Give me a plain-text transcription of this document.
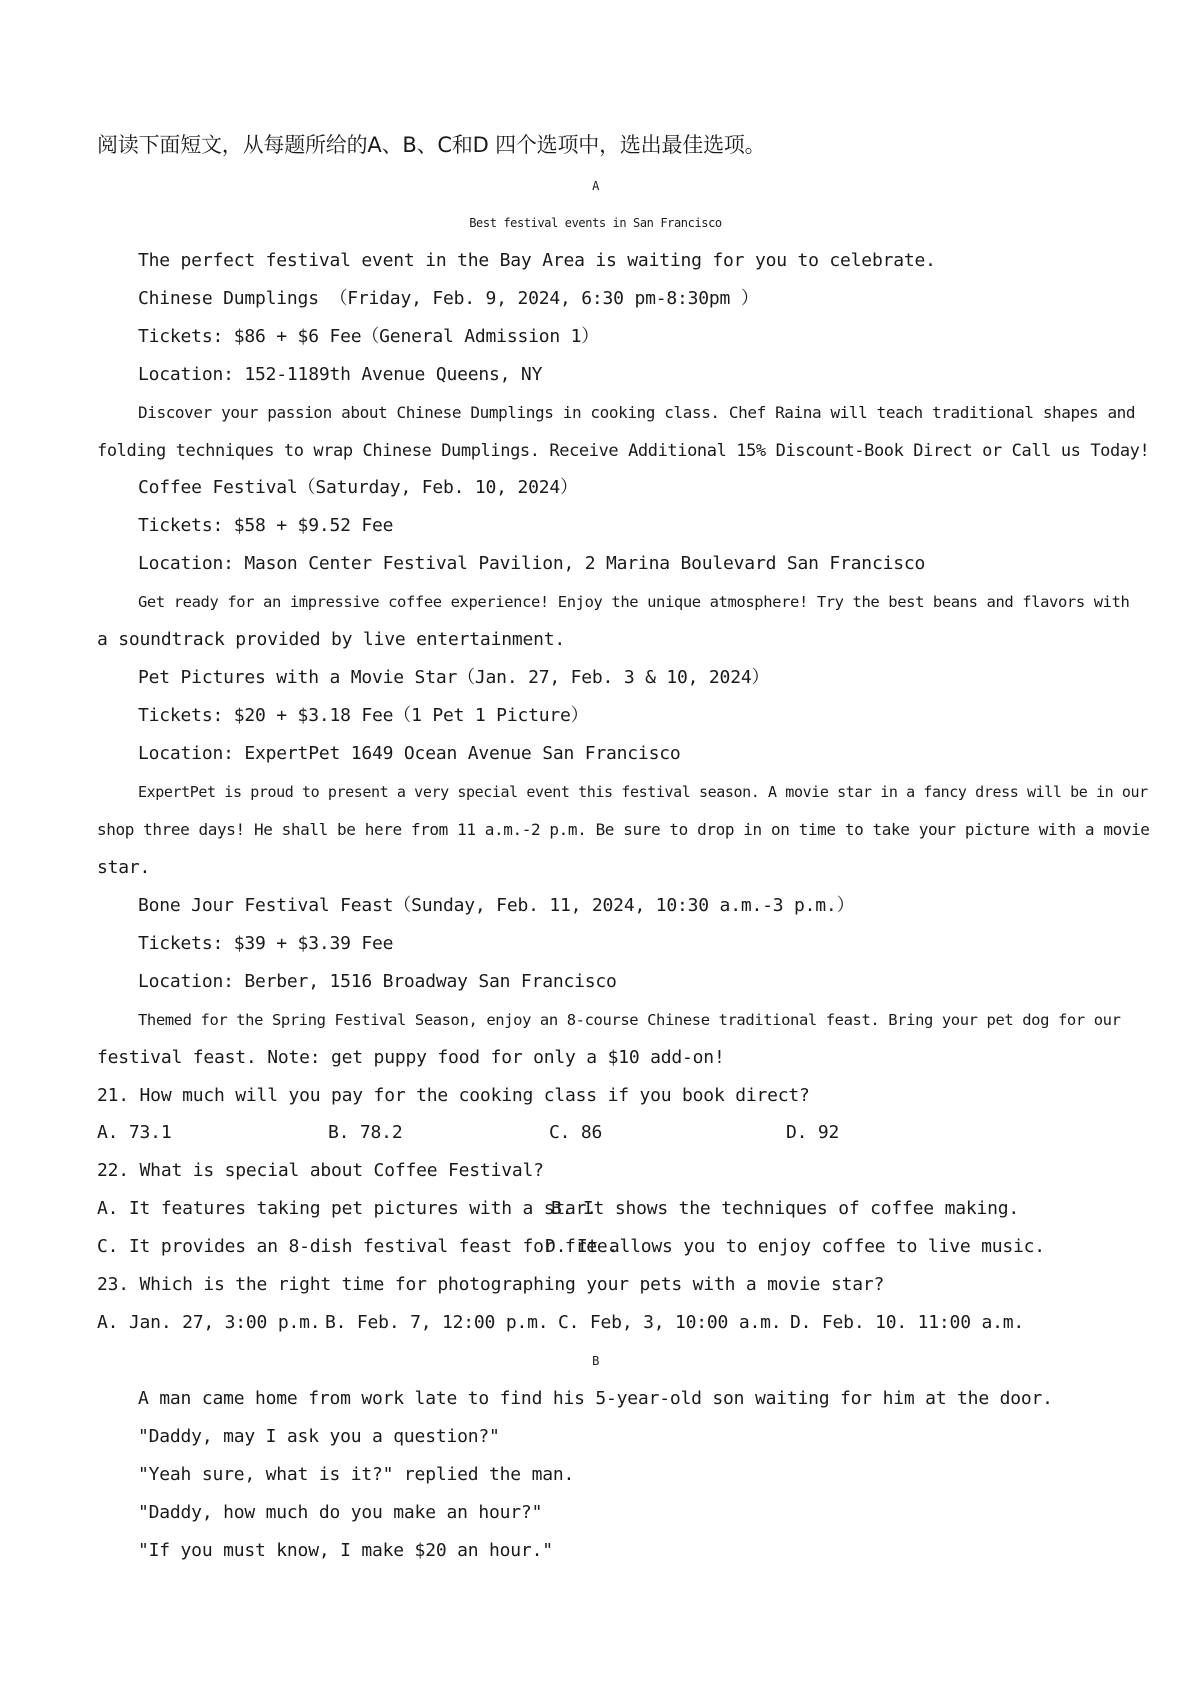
阅读下面短文，从每题所给的A、B、C和D 四个选项中，选出最佳选项。

A

Best festival events in San Francisco

The perfect festival event in the Bay Area is waiting for you to celebrate.

Chinese Dumplings （Friday, Feb. 9, 2024, 6:30 pm-8:30pm ）

Tickets: $86 + $6 Fee（General Admission 1）

Location: 152-1189th Avenue Queens, NY

Discover your passion about Chinese Dumplings in cooking class. Chef Raina will teach traditional shapes and

folding techniques to wrap Chinese Dumplings. Receive Additional 15% Discount-Book Direct or Call us Today!

Coffee Festival（Saturday, Feb. 10, 2024）

Tickets: $58 + $9.52 Fee

Location: Mason Center Festival Pavilion, 2 Marina Boulevard San Francisco

Get ready for an impressive coffee experience! Enjoy the unique atmosphere! Try the best beans and flavors with

a soundtrack provided by live entertainment.

Pet Pictures with a Movie Star（Jan. 27, Feb. 3 & 10, 2024）

Tickets: $20 + $3.18 Fee（1 Pet 1 Picture）

Location: ExpertPet 1649 Ocean Avenue San Francisco

ExpertPet is proud to present a very special event this festival season. A movie star in a fancy dress will be in our

shop three days! He shall be here from 11 a.m.-2 p.m. Be sure to drop in on time to take your picture with a movie

star.

Bone Jour Festival Feast（Sunday, Feb. 11, 2024, 10:30 a.m.-3 p.m.）

Tickets: $39 + $3.39 Fee

Location: Berber, 1516 Broadway San Francisco

Themed for the Spring Festival Season, enjoy an 8-course Chinese traditional feast. Bring your pet dog for our

festival feast. Note: get puppy food for only a $10 add-on!

21. How much will you pay for the cooking class if you book direct?

A. 73.1	B. 78.2	C. 86	D. 92

22. What is special about Coffee Festival?

A. It features taking pet pictures with a star.

B. It shows the techniques of coffee making.

C. It provides an 8-dish festival feast for free.

D. It allows you to enjoy coffee to live music.

23. Which is the right time for photographing your pets with a movie star?

A. Jan. 27, 3:00 p.m. B. Feb. 7, 12:00 p.m. C. Feb, 3, 10:00 a.m. D. Feb. 10. 11:00 a.m.

B

A man came home from work late to find his 5-year-old son waiting for him at the door.

"Daddy, may I ask you a question?"

"Yeah sure, what is it?" replied the man.

"Daddy, how much do you make an hour?"

"If you must know, I make $20 an hour."
